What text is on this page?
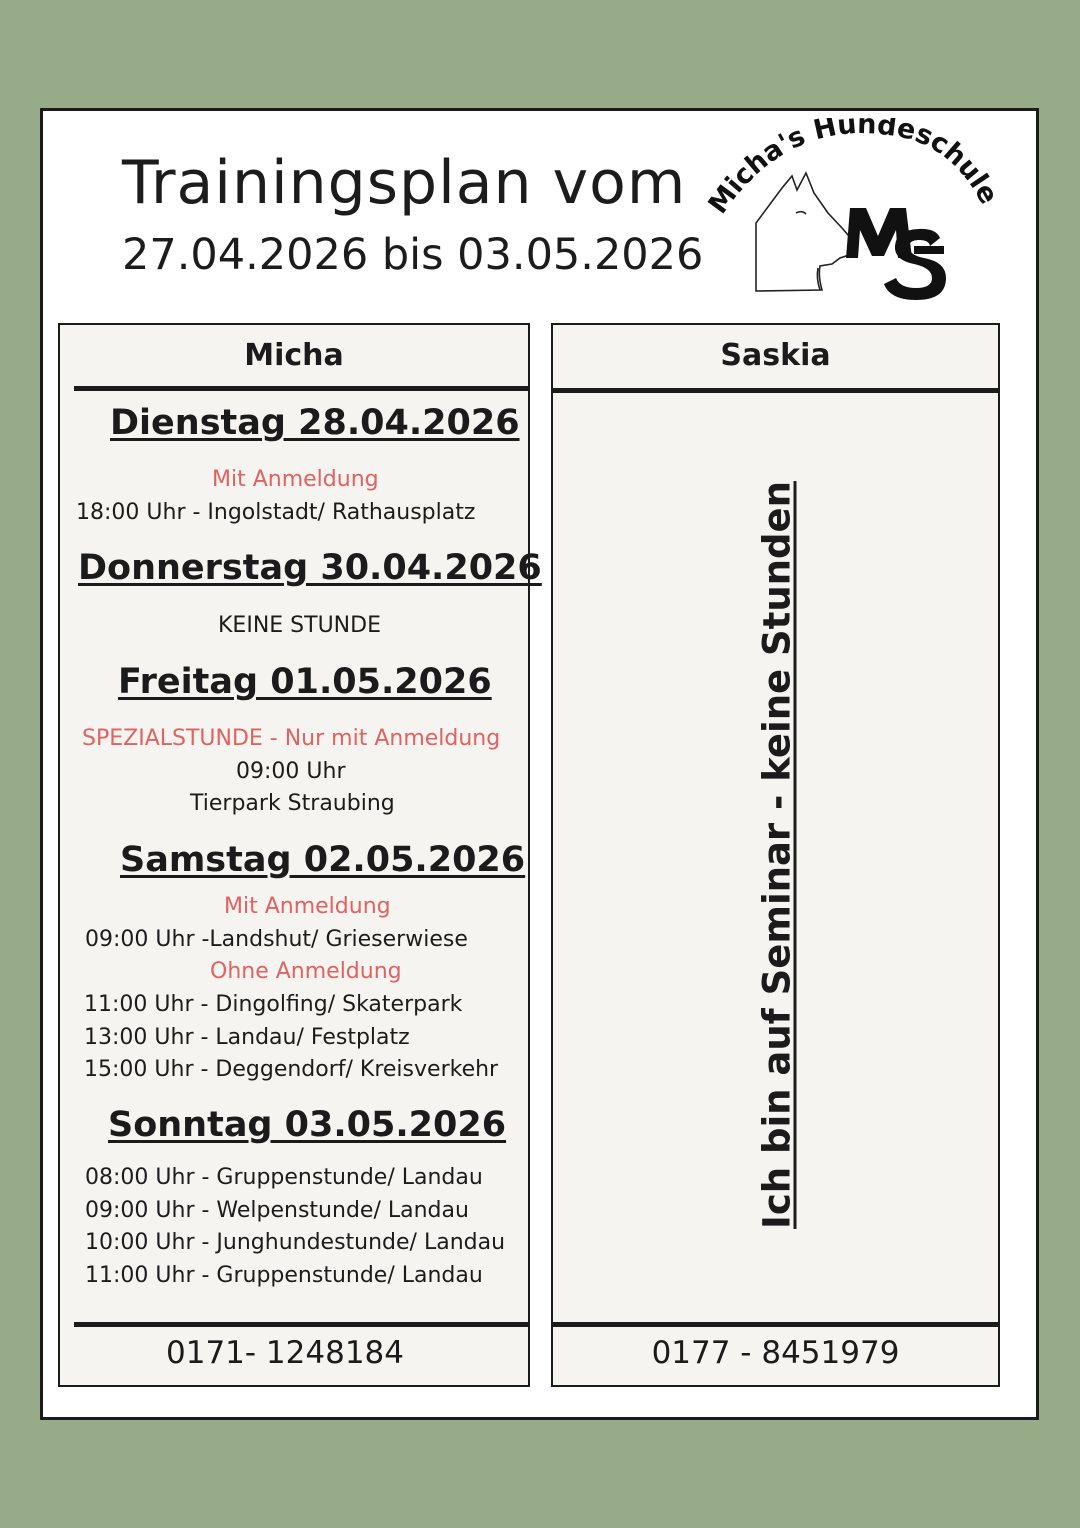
Trainingsplan vom
27.04.2026 bis 03.05.2026
Micha's Hundeschul
Micha
Dienstag 28.04.2026
Mit Anmeldung
18:00 Uhr - Ingolstadt/ Rathausplatz
Donnerstag 30.04.2026
KEINE STUNDE
Freitag 01.05.2026
SPEZIALSTUNDE - Nur mit Anmeldung
09:00 Uhr
Tierpark Straubing
Samstag 02.05.2026
Mit Anmeldung
09:00 Uhr -Landshut/ Grieserwiese
Ohne Anmeldung
11:00 Uhr - Dingolfing/ Skaterpark
13:00 Uhr - Landau/ Festplatz
15:00 Uhr - Deggendorf/ Kreisverkehr
Sonntag 03.05.2026
08:00 Uhr - Gruppenstunde/ Landau
09:00 Uhr - Welpenstunde/ Landau
10:00 Uhr - Junghundestunde/ Landau
11:00 Uhr - Gruppenstunde/ Landau
0171- 1248184
Saskia
Ich bin auf Seminar - keine Stunden
0177 - 8451979
